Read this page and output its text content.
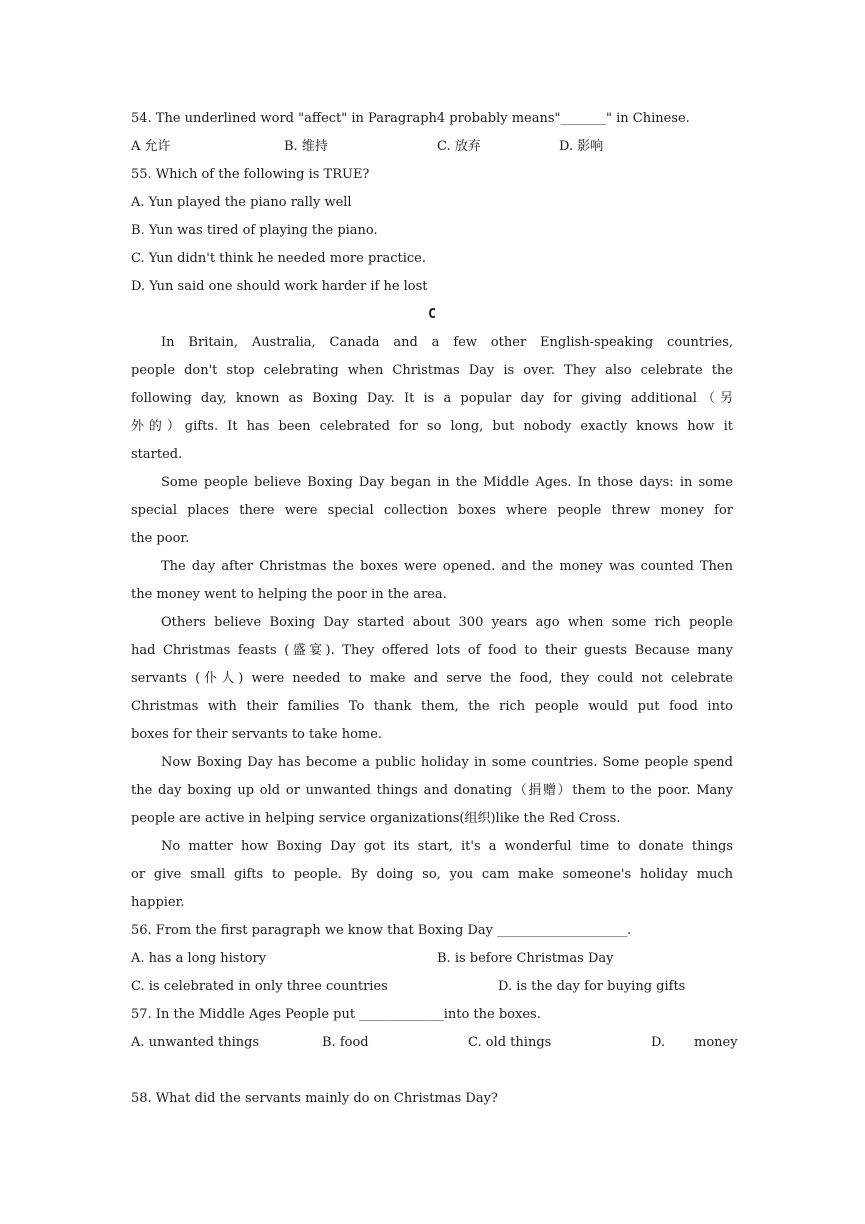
54. The underlined word "affect" in Paragraph4 probably means"_______" in Chinese.
A 允许	B. 维持	C. 放弃	D. 影响
55. Which of the following is TRUE?
A. Yun played the piano rally well
B. Yun was tired of playing the piano.
C. Yun didn't think he needed more practice.
D. Yun said one should work harder if he lost
C
In Britain, Australia, Canada and a few other English-speaking countries,
people don't stop celebrating when Christmas Day is over. They also celebrate the
following day, known as Boxing Day. It is a popular day for giving additional（另
外的）gifts. It has been celebrated for so long, but nobody exactly knows how it
started.
Some people believe Boxing Day began in the Middle Ages. In those days: in some
special places there were special collection boxes where people threw money for
the poor.
The day after Christmas the boxes were opened. and the money was counted Then
the money went to helping the poor in the area.
Others believe Boxing Day started about 300 years ago when some rich people
had Christmas feasts (盛宴). They offered lots of food to their guests Because many
servants (仆人) were needed to make and serve the food, they could not celebrate
Christmas with their families To thank them, the rich people would put food into
boxes for their servants to take home.
Now Boxing Day has become a public holiday in some countries. Some people spend
the day boxing up old or unwanted things and donating（捐赠）them to the poor. Many
people are active in helping service organizations(组织)like the Red Cross.
No matter how Boxing Day got its start, it's a wonderful time to donate things
or give small gifts to people. By doing so, you cam make someone's holiday much
happier.
56. From the first paragraph we know that Boxing Day ____________________.
A. has a long history	B. is before Christmas Day
C. is celebrated in only three countries	D. is the day for buying gifts
57. In the Middle Ages People put _____________into the boxes.
A. unwanted things	B. food	C. old things	D. money
58. What did the servants mainly do on Christmas Day?
